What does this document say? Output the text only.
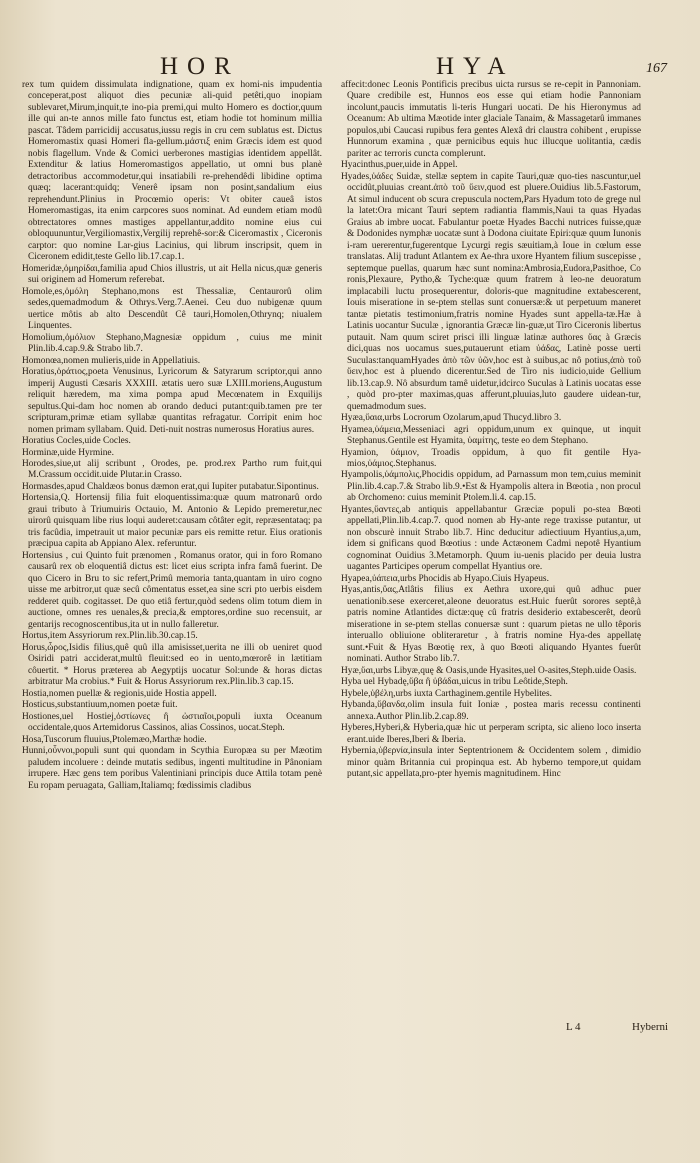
HOR	HYA	167

rex tum quidem dissimulata indignatione, quam ex homi-nis impudentia conceperat,post aliquot dies pecuniæ ali-quid petêti,quo inopiam sublevaret,Mirum,inquit,te ino-pia premi,qui multo Homero es doctior,quum ille qui an-te annos mille fato functus est, etiam hodie tot hominum millia pascat. Tâdem parricidij accusatus,iussu regis in cru cem sublatus est. Dictus Homeromastix quasi Homeri fla-gellum.μάστιξ enim Græcis idem est quod nobis flagellum. Vnde & Comici uerberones mastigias identidem appellât. Extenditur & latius Homeromastigos appellatio, ut omni bus planè detractoribus accommodetur,qui insatiabili re-prehendêdi libidine optima quæq; lacerant:quidq; Venerê ipsam non posint,sandalium eius reprehendunt.Plinius in Procœmio operis: Vt obiter caueâ istos Homeromastigas, ita enim carpcores suos nominat. Ad eundem etiam modû obtrectatores omnes mastiges appellantur,addito nomine eius cui obloquununtur,Vergiliomastix,Vergilij reprehê-sor:& Ciceromastix , Ciceronis carptor: quo nomine Lar-gius Lacinius, qui librum inscripsit, quem in Ciceronem edidit,teste Gello lib.17.cap.1.

Homeridæ,ὁμηρίδαι,familia apud Chios illustris, ut ait Hella nicus,quæ generis sui originem ad Homerum referebat.

Homole,es,ὁμόλη Stephano,mons est Thessaliæ, Centaurorû olim sedes,quemadmodum & Othrys.Verg.7.Aenei. Ceu duo nubigenæ quum uertice môtis ab alto Descendût Cê tauri,Homolen,Othrynq; niualem Linquentes.

Homolium,ὁμόλιον Stephano,Magnesiæ oppidum , cuius me minit Plin.lib.4.cap.9.& Strabo lib.7.

Homonœa,nomen mulieris,uide in Appellatiuis.

Horatius,ὁράτιος,poeta Venusinus, Lyricorum & Satyrarum scriptor,qui anno imperij Augusti Cæsaris XXXIII. ætatis uero suæ LXIII.moriens,Augustum reliquit hæredem, ma xima pompa apud Mecœnatem in Exquilijs sepultus.Qui-dam hoc nomen ab orando deduci putant:quib.tamen pre ter scripturam,primæ etiam syllabæ quantitas refragatur. Corripit enim hoc nomen primam syllabam. Quid. Deti-nuit nostras numerosus Horatius aures.

Horatius Cocles,uide Cocles.

Horminæ,uide Hyrmine.

Horodes,siue,ut alij scribunt , Orodes, pe. prod.rex Partho rum fuit,qui M.Crassum occidit.uide Plutar.in Crasso.

Hormasdes,apud Chaldæos bonus dæmon erat,qui Iupiter putabatur.Sipontinus.

Hortensia,Q. Hortensij filia fuit eloquentissima:quæ quum matronarû ordo graui tributo à Triumuiris Octauio, M. Antonio & Lepido premeretur,nec uirorû quisquam libe rius loqui auderet:causam côtâter egit, repræsentataq; pa tris facûdia, impetrauit ut maior pecuniæ pars eis remitte retur. Eius orationis præcipua capita ab Appiano Alex. referuntur.

Hortensius , cui Quinto fuit prænomen , Romanus orator, qui in foro Romano causarû rex ob eloquentiâ dictus est: licet eius scripta infra famâ fuerint. De quo Cicero in Bru to sic refert,Primû memoria tanta,quantam in uiro cogno uisse me arbitror,ut quæ secû cômentatus esset,ea sine scri pto uerbis eisdem redderet quib. cogitasset. De quo etiâ fertur,quòd sedens olim totum diem in auctione, omnes res uenales,& precia,& emptores,ordine suo recensuit, ar gentarijs recognoscentibus,ita ut in nullo falleretur.

Hortus,item Assyriorum rex.Plin.lib.30.cap.15.

Horus,ὧρος,Isidis filius,quê quû illa amisisset,uerita ne illi ob ueniret quod Osiridi patri acciderat,multû fleuit:sed eo in uento,mœrorê in lætitiam côuertit. * Horus præterea ab Aegyptijs uocatur Sol:unde & horas dictas arbitratur Ma crobius.* Fuit & Horus Assyriorum rex.Plin.lib.3 cap.15.

Hostia,nomen puellæ & regionis,uide Hostia appell.

Hosticus,substantiuum,nomen poetæ fuit.

Hostiones,uel Hostiej,ὀστίωνες ἢ ὠστιαῖοι,populi iuxta Oceanum occidentale,quos Artemidorus Cassinos, alias Cossinos, uocat.Steph.

Hosa,Tuscorum fluuius,Ptolemæo,Marthæ hodie.

Hunni,οὖννοι,populi sunt qui quondam in Scythia Europæa su per Mæotim paludem incoluere : deinde mutatis sedibus, ingenti multitudine in Pânoniam irrupere. Hæc gens tem poribus Valentiniani principis duce Attila totam penè Eu ropam peruagata, Galliam,Italiamq; fœdissimis cladibus

affecit:donec Leonis Pontificis precibus uicta rursus se re-cepit in Pannoniam. Quare credibile est, Hunnos eos esse qui etiam hodie Pannoniam incolunt,paucis immutatis li-teris Hungari uocati. De his Hieronymus ad Oceanum: Ab ultima Mæotide inter glaciale Tanaim, & Massagetarû immanes populos,ubi Caucasi rupibus fera gentes Alexâ dri claustra cohibent , erupisse Hunnorum examina , quæ pernicibus equis huc illucque uolitantia, cædis pariter ac terroris cuncta complerunt.

Hyacinthus,puer,uide in Appel.

Hyades,ὑάδες Suidæ, stellæ septem in capite Tauri,quæ quo-ties nascuntur,uel occidût,pluuias creant.ἀπὸ τοῦ ὕειν,quod est pluere.Ouidius lib.5.Fastorum, At simul inducent ob scura crepuscula noctem,Pars Hyadum toto de grege nul la latet:Ora micant Tauri septem radiantia flammis,Naui ta quas Hyadas Graius ab imbre uocat. Fabulantur poetæ Hyades Bacchi nutrices fuisse,quæ & Dodonides nymphæ uocatæ sunt à Dodona ciuitate Epiri:quæ quum Iunonis i-ram uererentur,fugerentque Lycurgi regis sæuitiam,à Ioue in cœlum esse translatas. Alij tradunt Atlantem ex Ae-thra uxore Hyantem filium suscepisse , septemque puellas, quarum hæc sunt nomina:Ambrosia,Eudora,Pasithoe, Co ronis,Plexaure, Pytho,& Tyche:quæ quum fratrem à leo-ne deuoratum implacabili luctu prosequerentur, doloris-que magnitudine extabescerent, Iouis miseratione in se-ptem stellas sunt conuersæ:& ut perpetuum maneret tantæ pietatis testimonium,fratris nomine Hyades sunt appella-tæ.Hæ à Latinis uocantur Suculæ , ignorantia Græcæ lin-guæ,ut Tiro Ciceronis libertus putauit. Nam quum sciret prisci illi linguæ latinæ authores ὕας à Græcis dici,quas nos uocamus sues,putauerunt etiam ὑάδας, Latinè posse uerti Suculas:tanquamHyades ἀπὸ τῶν ὑῶν,hoc est à suibus,ac nô potius,ἀπὸ τοῦ ὕειν,hoc est à pluendo dicerentur.Sed de Tiro nis iudicio,uide Gellium lib.13.cap.9. Nô absurdum tamê uidetur,idcirco Suculas à Latinis uocatas esse , quòd pro-pter maximas,quas afferunt,pluuias,luto gaudere uidean-tur, quemadmodum sues.

Hyæa,ὕαια,urbs Locrorum Ozolarum,apud Thucyd.libro 3.

Hyamea,ὑάμεια,Messeniaci agri oppidum,unum ex quinque, ut inquit Stephanus.Gentile est Hyamita, ὑαμίτης, teste eo dem Stephano.

Hyamion, ὑάμιον, Troadis oppidum, à quo fit gentile Hya-mios,ὑάμιος.Stephanus.

Hyampolis,ὑάμπολις,Phocidis oppidum, ad Parnassum mon tem,cuius meminit Plin.lib.4.cap.7.& Strabo lib.9.•Est & Hyampolis altera in Bœotia , non procul ab Orchomeno: cuius meminit Ptolem.li.4. cap.15.

Hyantes,ὕαντες,ab antiquis appellabantur Græciæ populi po-stea Bœoti appellati,Plin.lib.4.cap.7. quod nomen ab Hy-ante rege traxisse putantur, ut non obscurè innuit Strabo lib.7. Hinc deducitur adiectiuum Hyantius,a,um, idem si gnificans quod Bœotius : unde Actæonem Cadmi nepotê Hyantium cognominat Ouidius 3.Metamorph. Quum iu-uenis placido per deuia lustra uagantes Participes operum compellat Hyantius ore.

Hyapea,ὑάπεια,urbs Phocidis ab Hyapo.Ciuis Hyapeus.

Hyas,antis,ὕας,Atlâtis filius ex Aethra uxore,qui quû adhuc puer uenationib.sese exerceret,aleone deuoratus est.Huic fuerût sorores septê,à patris nomine Atlantides dictæ:quę cû fratris desiderio extabescerêt, deorû miseratione in se-ptem stellas conuersæ sunt : quarum pietas ne ullo têporis interuallo obliuione obliteraretur , à fratris nomine Hya-des appellatę sunt.•Fuit & Hyas Bœotię rex, à quo Bœoti aliquando Hyantes fuerût nominati. Author Strabo lib.7.

Hyæ,ὕαι,urbs Libyæ,quę & Oasis,unde Hyasites,uel O-asites,Steph.uide Oasis.

Hyba uel Hybadę,ὕβα ἢ ὑβάδαι,uicus in tribu Leôtide,Steph.

Hybele,ὑβέλη,urbs iuxta Carthaginem.gentile Hybelites.

Hybanda,ὕβανδα,olim insula fuit Ioniæ , postea maris recessu continenti annexa.Author Plin.lib.2.cap.89.

Hyberes,Hyberi,& Hyberia,quæ hic ut perperam scripta, sic alieno loco inserta erant.uide Iberes,Iberi & Iberia.

Hybernia,ὑβερνία,insula inter Septentrionem & Occidentem solem , dimidio minor quàm Britannia cui propinqua est. Ab hyberno tempore,ut quidam putant,sic appellata,pro-pter hyemis magnitudinem. Hinc

L 4	Hyberni
